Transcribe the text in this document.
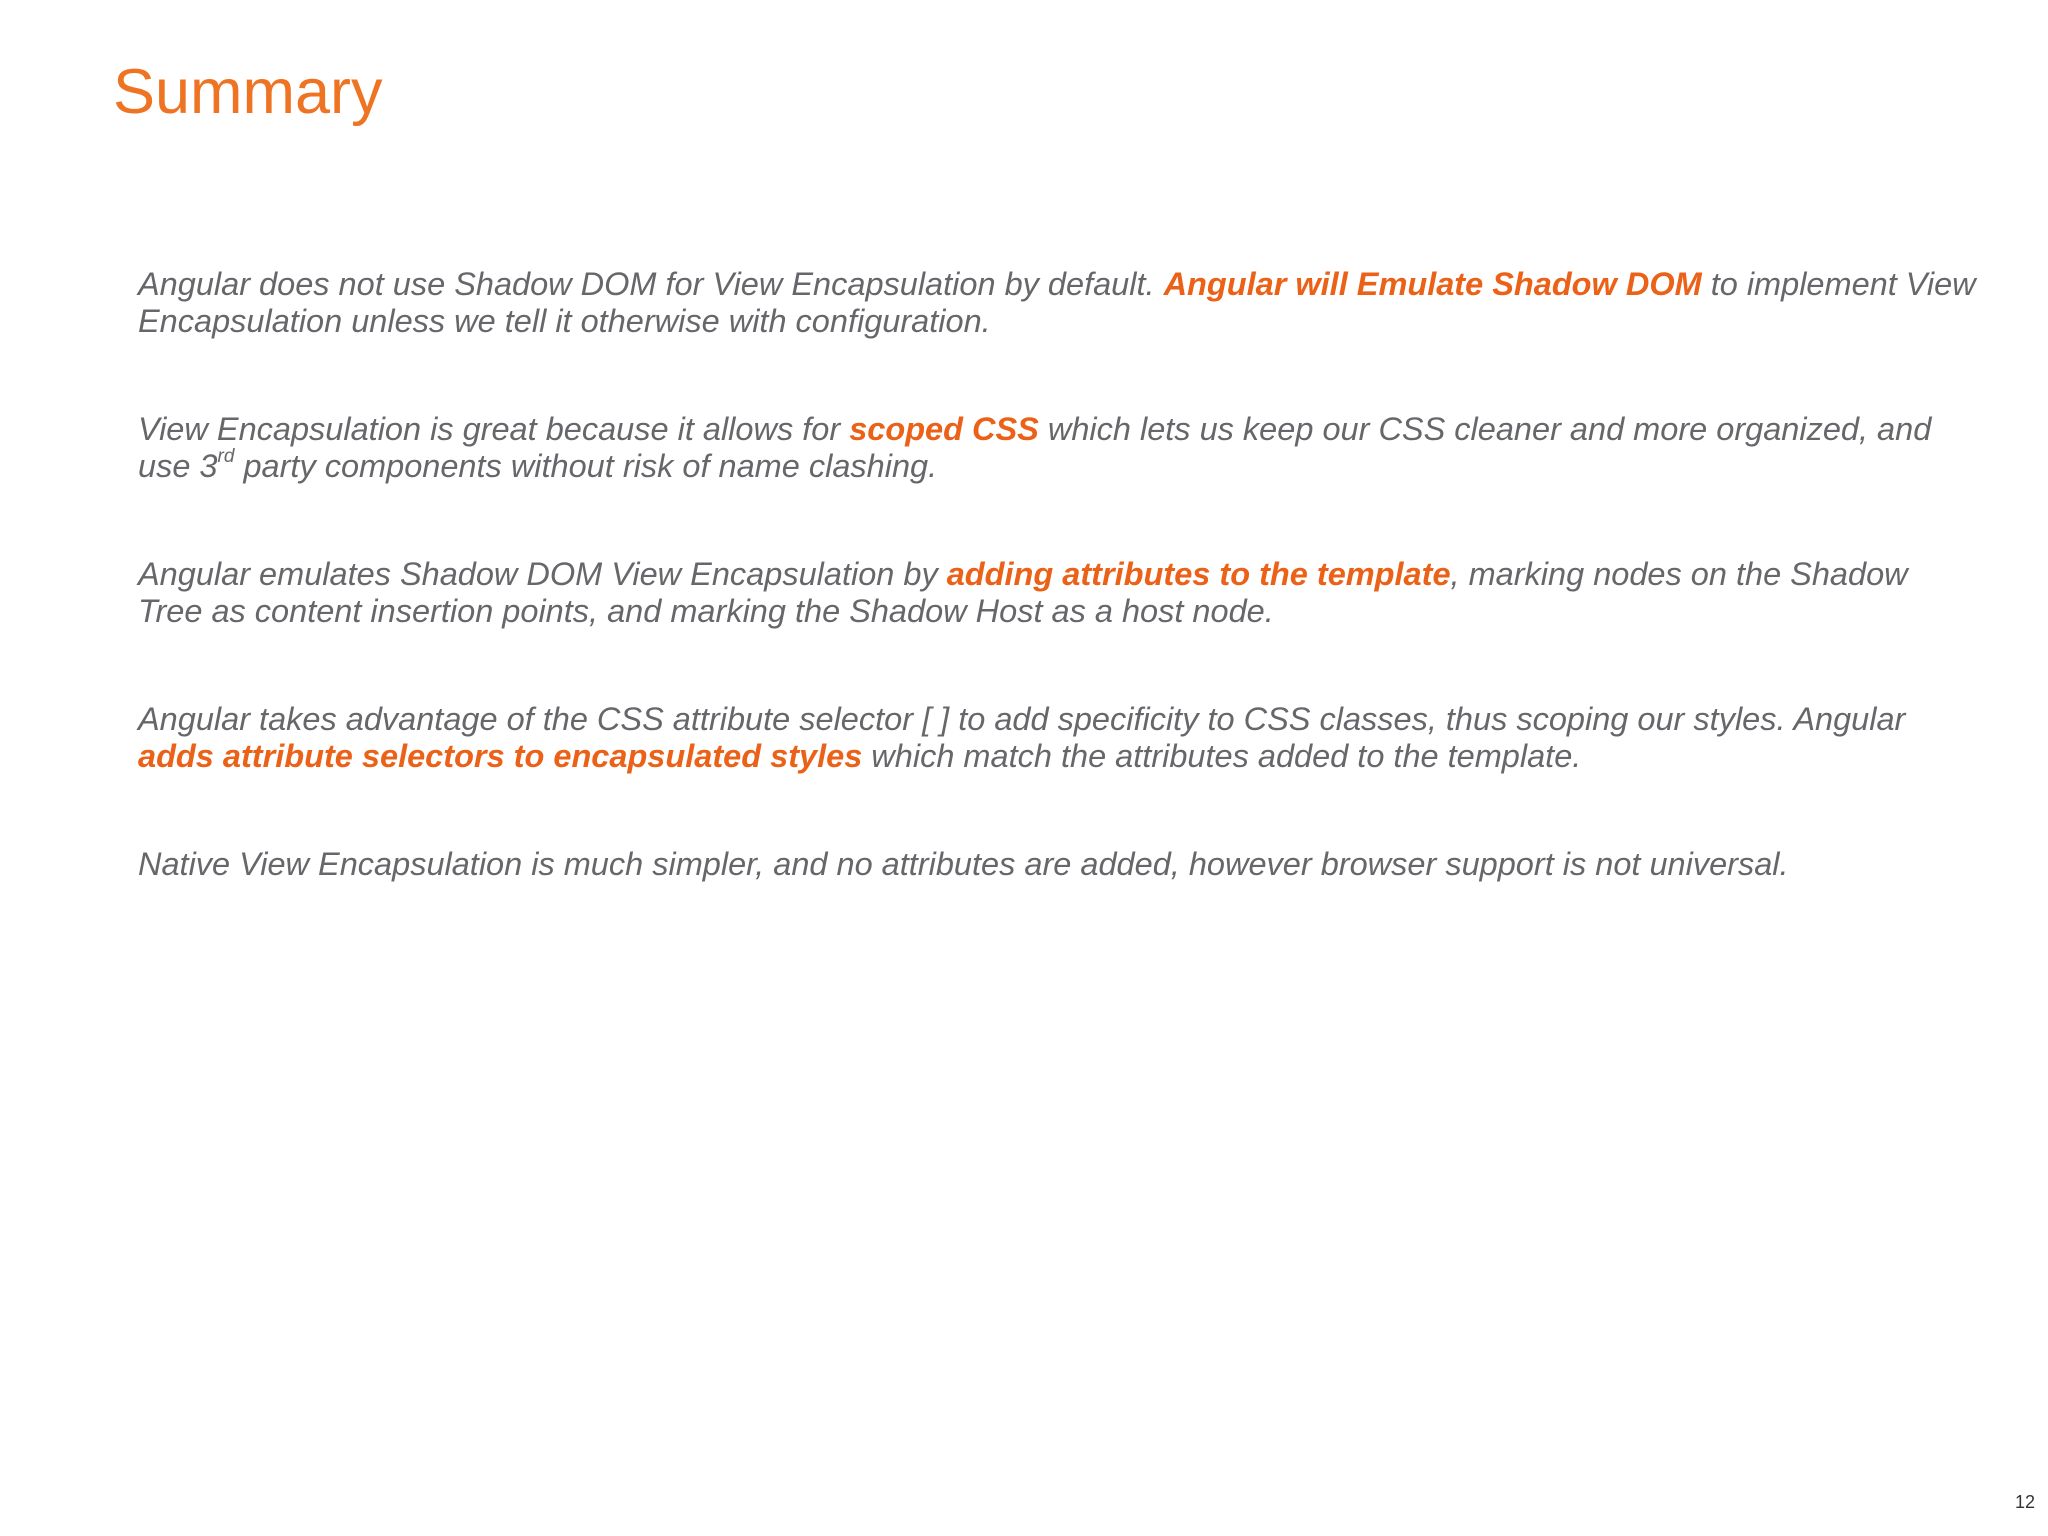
Summary

Angular does not use Shadow DOM for View Encapsulation by default. Angular will Emulate Shadow DOM to implement View Encapsulation unless we tell it otherwise with configuration.

View Encapsulation is great because it allows for scoped CSS which lets us keep our CSS cleaner and more organized, and use 3rd party components without risk of name clashing.

Angular emulates Shadow DOM View Encapsulation by adding attributes to the template, marking nodes on the Shadow Tree as content insertion points, and marking the Shadow Host as a host node.

Angular takes advantage of the CSS attribute selector [ ] to add specificity to CSS classes, thus scoping our styles. Angular adds attribute selectors to encapsulated styles which match the attributes added to the template.

Native View Encapsulation is much simpler, and no attributes are added, however browser support is not universal.

12
